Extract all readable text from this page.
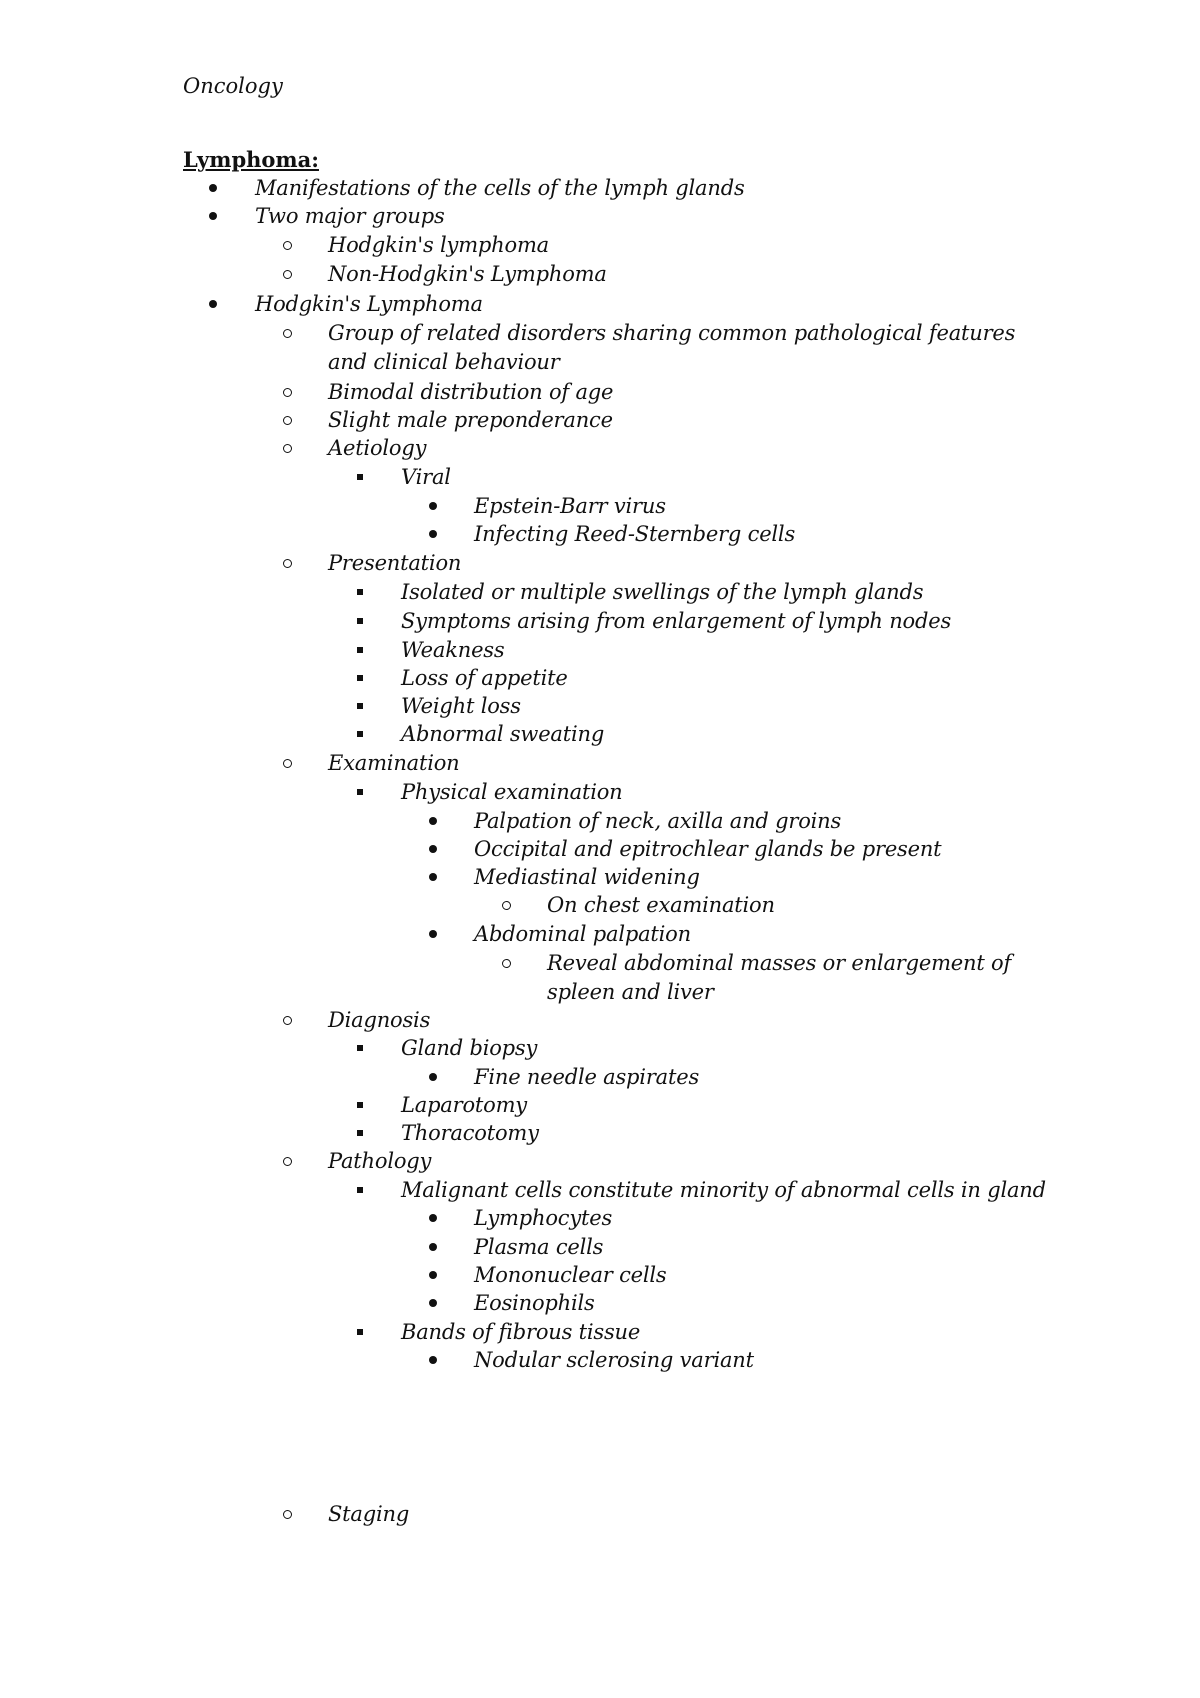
Oncology
Lymphoma:
Manifestations of the cells of the lymph glands
Two major groups
Hodgkin's lymphoma
Non-Hodgkin's Lymphoma
Hodgkin's Lymphoma
Group of related disorders sharing common pathological features
and clinical behaviour
Bimodal distribution of age
Slight male preponderance
Aetiology
Viral
Epstein-Barr virus
Infecting Reed-Sternberg cells
Presentation
Isolated or multiple swellings of the lymph glands
Symptoms arising from enlargement of lymph nodes
Weakness
Loss of appetite
Weight loss
Abnormal sweating
Examination
Physical examination
Palpation of neck, axilla and groins
Occipital and epitrochlear glands be present
Mediastinal widening
On chest examination
Abdominal palpation
Reveal abdominal masses or enlargement of
spleen and liver
Diagnosis
Gland biopsy
Fine needle aspirates
Laparotomy
Thoracotomy
Pathology
Malignant cells constitute minority of abnormal cells in gland
Lymphocytes
Plasma cells
Mononuclear cells
Eosinophils
Bands of fibrous tissue
Nodular sclerosing variant
Staging
